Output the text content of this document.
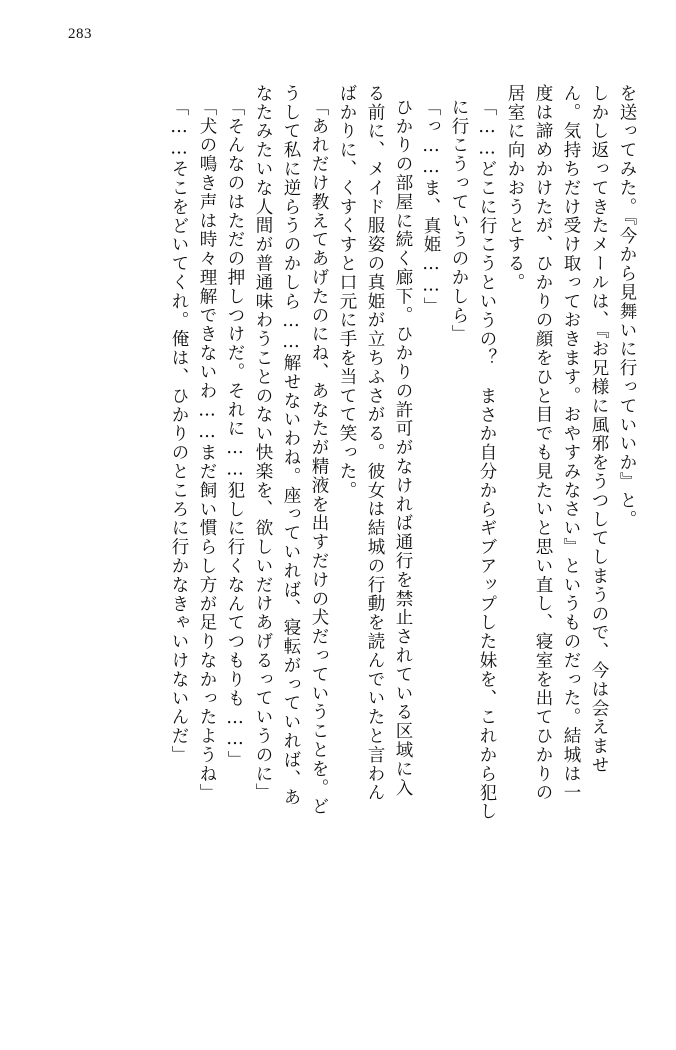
283
を送ってみた。『今から見舞いに行っていいか』と。
しかし返ってきたメールは、『お兄様に風邪をうつしてしまうので、今は会えませ
ん。気持ちだけ受け取っておきます。おやすみなさい』というものだった。結城は一
度は諦めかけたが、ひかりの顔をひと目でも見たいと思い直し、寝室を出てひかりの
居室に向かおうとする。
「……どこに行こうというの？　まさか自分からギブアップした妹を、これから犯し
に行こうっていうのかしら」
「っ……ま、真姫……」
ひかりの部屋に続く廊下。ひかりの許可がなければ通行を禁止されている区域に入
る前に、メイド服姿の真姫が立ちふさがる。彼女は結城の行動を読んでいたと言わん
ばかりに、くすくすと口元に手を当てて笑った。
「あれだけ教えてあげたのにね、あなたが精液を出すだけの犬だっていうことを。ど
うして私に逆らうのかしら……解せないわね。座っていれば、寝転がっていれば、あ
なたみたいな人間が普通味わうことのない快楽を、欲しいだけあげるっていうのに」
「そんなのはただの押しつけだ。それに……犯しに行くなんてつもりも……」
「犬の鳴き声は時々理解できないわ……まだ飼い慣らし方が足りなかったようね」
「……そこをどいてくれ。俺は、ひかりのところに行かなきゃいけないんだ」
